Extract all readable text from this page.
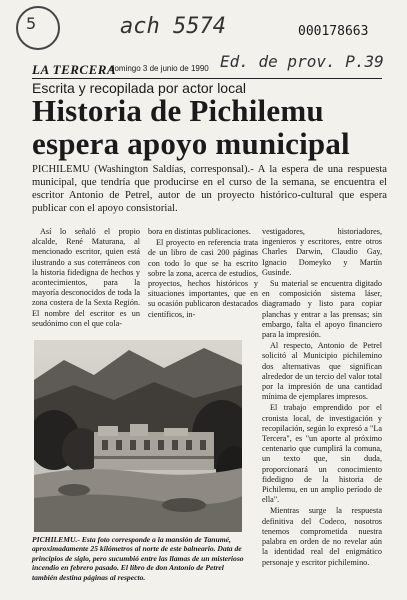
5	ach 5574	000178663
Ed. de prov. P.39
LA TERCERA
domingo 3 de junio de 1990
Escrita y recopilada por actor local
Historia de Pichilemu
espera apoyo municipal
PICHILEMU (Washington Saldías, corresponsal).- A la espera de una respuesta municipal, que tendría que producirse en el curso de la semana, se encuentra el escritor Antonio de Petrel, autor de un proyecto histórico-cultural que espera publicar con el apoyo consistorial.

Así lo señaló el propio alcalde, René Maturana, al mencionado escritor, quien está ilustrando a sus coterráneos con la historia fidedigna de hechos y acontecimientos, para la mayoría desconocidos de toda la zona costera de la Sexta Región. El nombre del escritor es un seudónimo con el que cola-

bora en distintas publicaciones.

El proyecto en referencia trata de un libro de casi 200 páginas con todo lo que se ha escrito sobre la zona, acerca de estudios, proyectos, hechos históricos y situaciones importantes, que en su ocasión publicaron destacados científicos, in-

vestigadores, historiadores, ingenieros y escritores, entre otros Charles Darwin, Claudio Gay, Ignacio Domeyko y Martín Gusinde.

Su material se encuentra digitado en composición sistema láser, diagramado y listo para copiar planchas y entrar a las prensas; sin embargo, falta el apoyo financiero para la impresión.

Al respecto, Antonio de Petrel solicitó al Municipio pichileminо dos alternativas que significan alrededor de un tercio del valor total por la impresión de una cantidad mínima de ejemplares impresos.

El trabajo emprendido por el cronista local, de investigación y recopilación, según lo expresó a "La Tercera", es "un aporte al próximo centenario que cumplirá la comuna, un texto que, sin duda, proporcionará un conocimiento fidedigno de la historia de Pichilemu, en un amplio período de ella".

Mientras surge la respuesta definitiva del Codeco, nosotros tenemos comprometida nuestra palabra en orden de no revelar aún la identidad real del enigmático personaje y escritor pichilemino.

PICHILEMU.- Esta foto corresponde a la mansión de Tanumé, aproximadamente 25 kilómetros al norte de este balneario. Data de principios de siglo, pero sucumbió entre las llamas de un misterioso incendio en febrero pasado. El libro de don Antonio de Petrel también destina páginas al respecto.
